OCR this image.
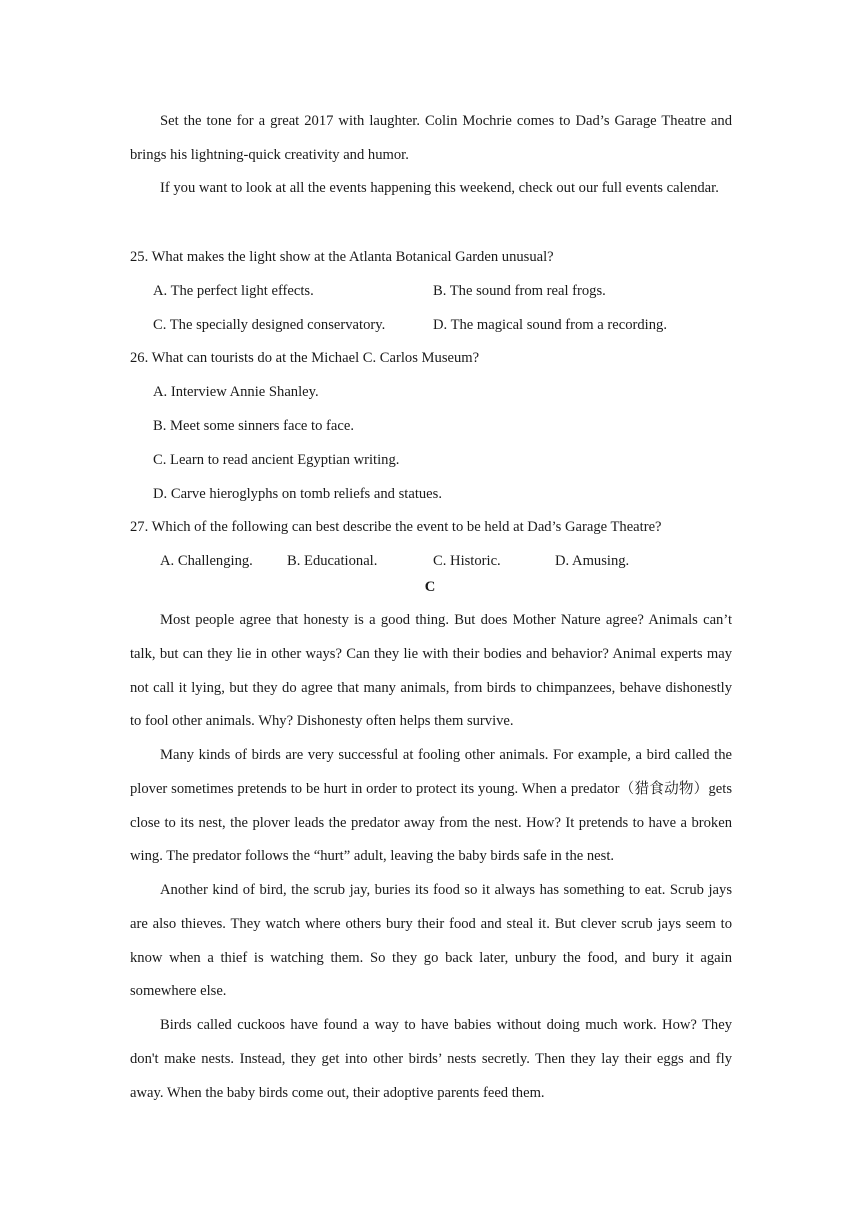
Set the tone for a great 2017 with laughter. Colin Mochrie comes to Dad’s Garage Theatre and brings his lightning-quick creativity and humor.

If you want to look at all the events happening this weekend, check out our full events calendar.

25. What makes the light show at the Atlanta Botanical Garden unusual?

A. The perfect light effects.	B. The sound from real frogs.

C. The specially designed conservatory.	D. The magical sound from a recording.

26. What can tourists do at the Michael C. Carlos Museum?

A. Interview Annie Shanley.

B. Meet some sinners face to face.

C. Learn to read ancient Egyptian writing.

D. Carve hieroglyphs on tomb reliefs and statues.

27. Which of the following can best describe the event to be held at Dad’s Garage Theatre?

A. Challenging. B. Educational.	C. Historic.	D. Amusing.

C

Most people agree that honesty is a good thing. But does Mother Nature agree? Animals can’t talk, but can they lie in other ways? Can they lie with their bodies and behavior? Animal experts may not call it lying, but they do agree that many animals, from birds to chimpanzees, behave dishonestly to fool other animals. Why? Dishonesty often helps them survive.

Many kinds of birds are very successful at fooling other animals. For example, a bird called the plover sometimes pretends to be hurt in order to protect its young. When a predator（猎食动物）gets close to its nest, the plover leads the predator away from the nest. How? It pretends to have a broken wing. The predator follows the “hurt” adult, leaving the baby birds safe in the nest.

Another kind of bird, the scrub jay, buries its food so it always has something to eat. Scrub jays are also thieves. They watch where others bury their food and steal it. But clever scrub jays seem to know when a thief is watching them. So they go back later, unbury the food, and bury it again somewhere else.

Birds called cuckoos have found a way to have babies without doing much work. How? They don't make nests. Instead, they get into other birds’ nests secretly. Then they lay their eggs and fly away. When the baby birds come out, their adoptive parents feed them.
